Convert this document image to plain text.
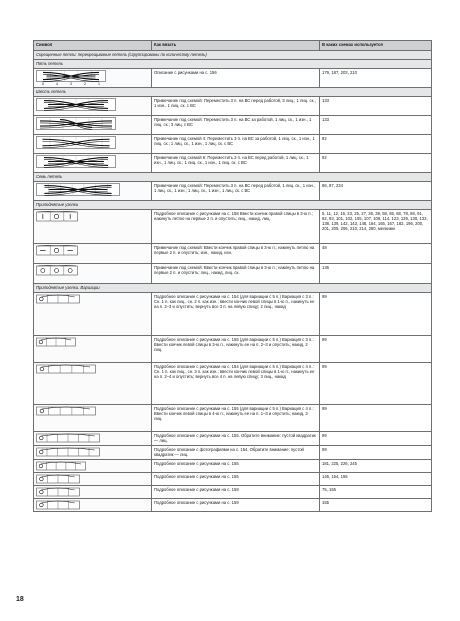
Символ	Как вязать	В каких схемах используется
Скрещенные петли: перекрещивание петель (сгруппированы по количеству петель)		
Пять петель		

5 4 3 2 1	Описание с рисунками на с. 156	179, 187, 203, 210
Шесть петель		

	Примечание под схемой: Переместить 3 п. на ВС перед работой, 3 лиц.; 1 лиц. ск., 1 изн., 1 лиц. ск. с ВС	133

	Примечание под схемой: Переместить 3 п. на ВС за работой, 1 лиц. ск., 1 изн., 1 лиц. ск.; 3 лиц. с ВС	133

	Примечание под схемой 4: Переместить 3 п. на ВС за работой, 1 лиц. ск., 1 изн., 1 лиц. ск.; 1 лиц. ск., 1 изн., 1 лиц. ск. с ВС	92

	Примечание под схемой 6: Переместить 3 п. на ВС перед работой, 1 лиц. ск., 1 изн., 1 лиц. ск.; 1 лиц. ск., 1 изн., 1 лиц. ск. с ВС	92
Семь петель		

	Примечание под схемой: Переместить 3 п. на ВС перед работой, 1 лиц. ск., 1 изн., 1 лиц. ск., 1 изн.; 1 лиц. ск., 1 изн., 1 лиц. ск. с ВС	86, 87, 234
Приподнятые узелки		

	Подробное описание с рисунками на с. 158 Ввести кончик правой спицы в 3-ю п.; накинуть петлю на первые 2 п. и опустить; лиц., накид, лиц.	5, 11, 12, 16, 23, 25, 27, 36, 39, 58, 65, 68, 78, 86, 91, 92, 93, 101, 102, 105, 107, 109, 114, 123, 129, 130, 133, 138, 139, 142, 143, 148, 164, 165, 167, 182, 196, 200, 201, 205, 206, 210, 214, 260, мелкими

	Примечание под схемой: Ввести кончик правой спицы в 3-ю п.; накинуть петлю на первые 2 п. и опустить; изн., накид, изн.	48

	Примечание под схемой: Ввести кончик правой спицы в 3-ю п.; накинуть петлю на первые 2 п. и опустить; лиц., накид, лиц. ск.	136
Приподнятые узелки. Вариации		

	Подробное описание с рисунками на с. 154 (для вариации с 5 п.) Вариация с 3 п.: Сн. 1 п. как лиц., сн. 2 п. как изн.; ввести кончик левой спицы в 1-ю п., накинуть ее на п. 2–3 и опустить; вернуть все 3 п. на левую спицу; 2 лиц., накид	99

	Подробное описание с рисунками на с. 155 (для вариации с 5 п.) Вариация с 3 п.: Ввести кончик левой спицы в 3-ю п., накинуть ее на п. 2–3 и опустить; накид, 2 лиц.	99

	Подробное описание с рисунками на с. 154 (для вариации с 5 п.) Вариация с 4 п.: Сн. 1 п. как лиц., сн. 3 п. как изн.; ввести кончик левой спицы в 1-ю п., накинуть ее на п. 2–4 и опустить; вернуть все 4 п. на левую спицу; 3 лиц., накид	99

	Подробное описание с рисунками на с. 155 (для вариации с 5 п.) Вариация с 4 п.: Ввести кончик левой спицы в 4-ю п., накинуть ее на п. 1–3 и опустить; накид, 3 лиц.	99

	Подробное описание с рисунками на с. 155. Обратите внимание: пустой квадратик — лиц.	99

	Подробное описание с фотографиями на с. 154. Обратите внимание: пустой квадратик — лиц.	99

	Подробное описание с рисунками на с. 155	181, 225, 226, 245

	Подробное описание с рисунками на с. 155	146, 154, 155

	Подробное описание с рисунками на с. 159	75, 155

	Подробное описание с рисунками на с. 159	155
18
